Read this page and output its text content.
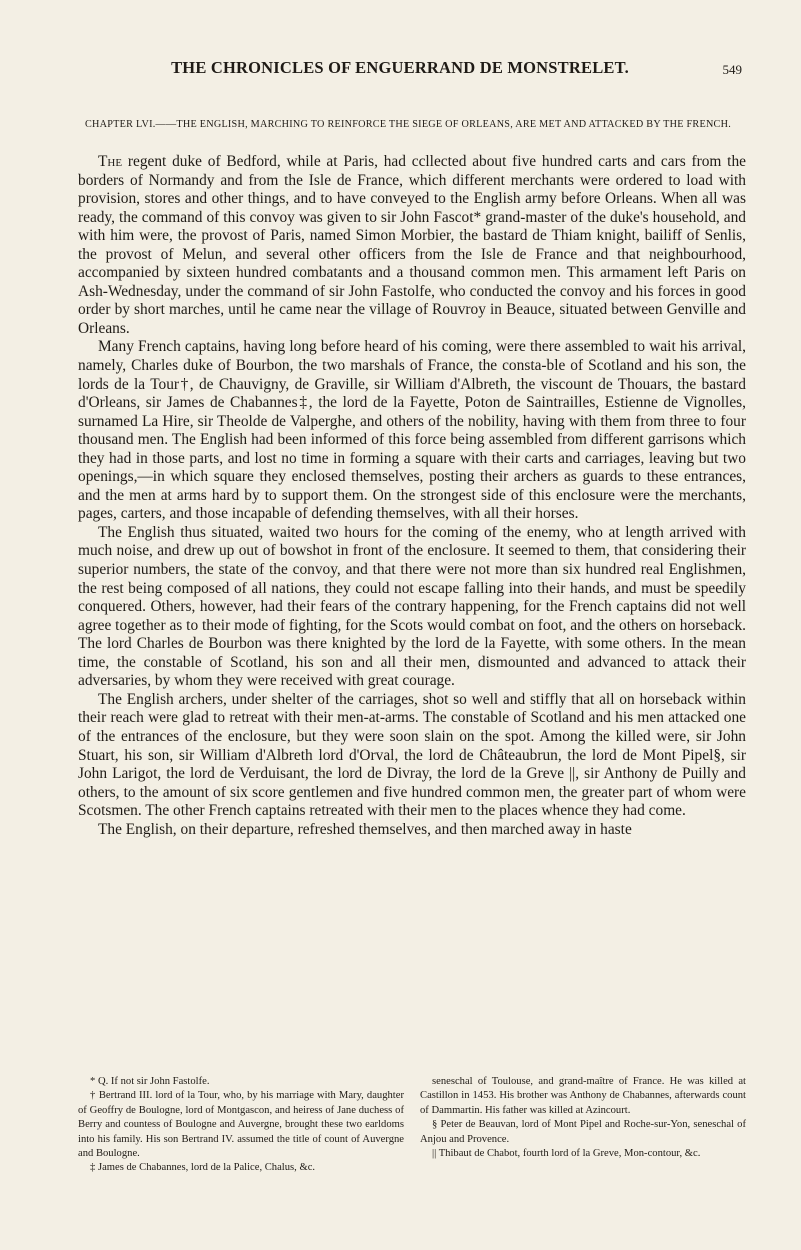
THE CHRONICLES OF ENGUERRAND DE MONSTRELET.	549
CHAPTER LVI.——THE ENGLISH, MARCHING TO REINFORCE THE SIEGE OF ORLEANS, ARE MET AND ATTACKED BY THE FRENCH.

The regent duke of Bedford, while at Paris, had cсllected about five hundred carts and cars from the borders of Normandy and from the Isle de France, which different merchants were ordered to load with provision, stores and other things, and to have conveyed to the English army before Orleans. When all was ready, the command of this convoy was given to sir John Fascot* grand-master of the duke's household, and with him were, the provost of Paris, named Simon Morbier, the bastard de Thiam knight, bailiff of Senlis, the provost of Melun, and several other officers from the Isle de France and that neighbourhood, accompanied by sixteen hundred combatants and a thousand common men. This armament left Paris on Ash-Wednesday, under the command of sir John Fastolfe, who conducted the convoy and his forces in good order by short marches, until he came near the village of Rouvroy in Beauce, situated between Genville and Orleans.

Many French captains, having long before heard of his coming, were there assembled to wait his arrival, namely, Charles duke of Bourbon, the two marshals of France, the consta-ble of Scotland and his son, the lords de la Tour†, de Chauvigny, de Graville, sir William d'Albreth, the viscount de Thouars, the bastard d'Orleans, sir James de Chabannes‡, the lord de la Fayette, Poton de Saintrailles, Estienne de Vignolles, surnamed La Hire, sir Theolde de Valperghe, and others of the nobility, having with them from three to four thousand men. The English had been informed of this force being assembled from different garrisons which they had in those parts, and lost no time in forming a square with their carts and carriages, leaving but two openings,—in which square they enclosed themselves, posting their archers as guards to these entrances, and the men at arms hard by to support them. On the strongest side of this enclosure were the merchants, pages, carters, and those incapable of defending themselves, with all their horses.

The English thus situated, waited two hours for the coming of the enemy, who at length arrived with much noise, and drew up out of bowshot in front of the enclosure. It seemed to them, that considering their superior numbers, the state of the convoy, and that there were not more than six hundred real Englishmen, the rest being composed of all nations, they could not escape falling into their hands, and must be speedily conquered. Others, however, had their fears of the contrary happening, for the French captains did not well agree together as to their mode of fighting, for the Scots would combat on foot, and the others on horseback. The lord Charles de Bourbon was there knighted by the lord de la Fayette, with some others. In the mean time, the constable of Scotland, his son and all their men, dismounted and advanced to attack their adversaries, by whom they were received with great courage.

The English archers, under shelter of the carriages, shot so well and stiffly that all on horseback within their reach were glad to retreat with their men-at-arms. The constable of Scotland and his men attacked one of the entrances of the enclosure, but they were soon slain on the spot. Among the killed were, sir John Stuart, his son, sir William d'Albreth lord d'Orval, the lord de Châteaubrun, the lord de Mont Pipel§, sir John Larigot, the lord de Verduisant, the lord de Divray, the lord de la Greve ||, sir Anthony de Puilly and others, to the amount of six score gentlemen and five hundred common men, the greater part of whom were Scotsmen. The other French captains retreated with their men to the places whence they had come.

The English, on their departure, refreshed themselves, and then marched away in haste

* Q. If not sir John Fastolfe.

† Bertrand III. lord of la Tour, who, by his marriage with Mary, daughter of Geoffry de Boulogne, lord of Montgascon, and heiress of Jane duchess of Berry and countess of Boulogne and Auvergne, brought these two earldoms into his family. His son Bertrand IV. assumed the title of count of Auvergne and Boulogne.

‡ James de Chabannes, lord de la Palice, Chalus, &c.

seneschal of Toulouse, and grand-maître of France. He was killed at Castillon in 1453. His brother was Anthony de Chabannes, afterwards count of Dammartin. His father was killed at Azincourt.

§ Peter de Beauvan, lord of Mont Pipel and Roche-sur-Yon, seneschal of Anjou and Provence.

|| Thibaut de Chabot, fourth lord of la Greve, Mon-contour, &c.
